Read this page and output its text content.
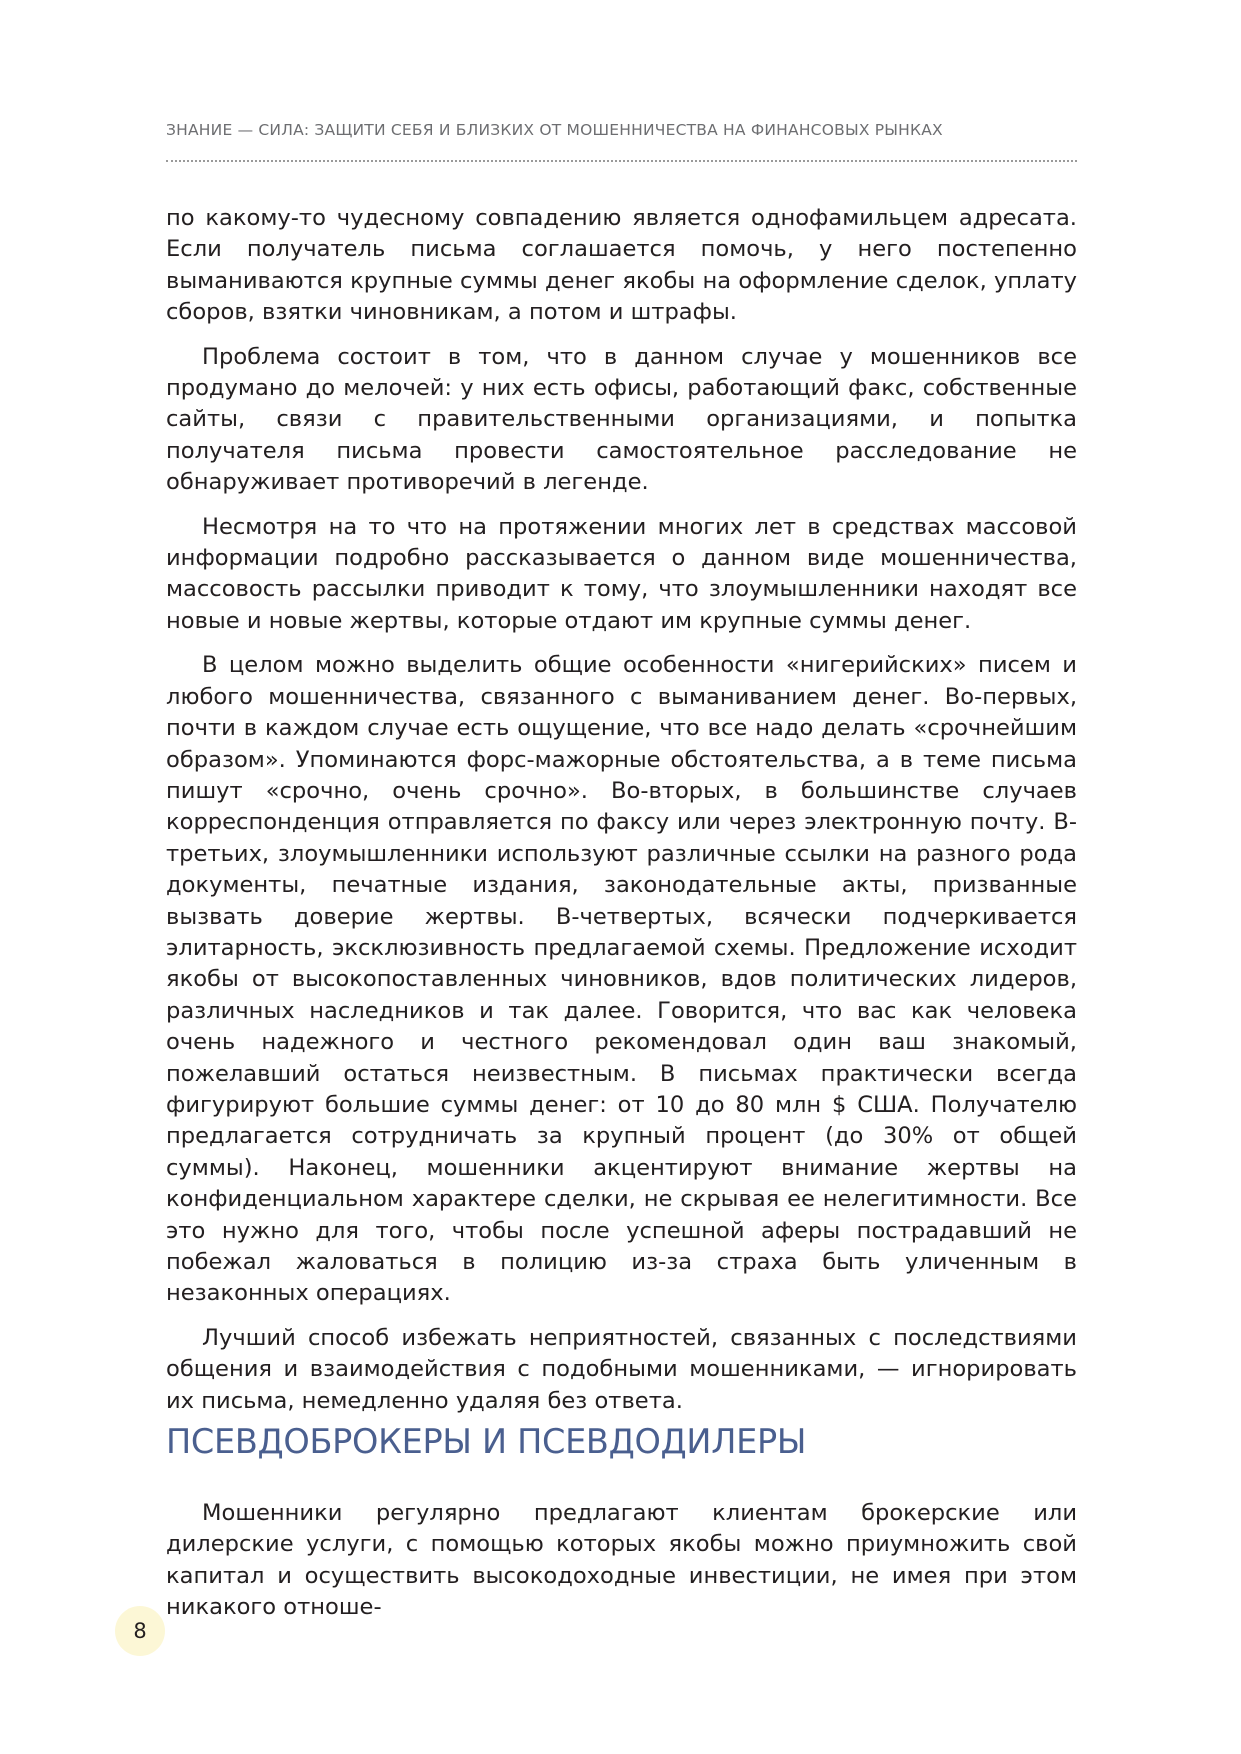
ЗНАНИЕ — СИЛА: ЗАЩИТИ СЕБЯ И БЛИЗКИХ ОТ МОШЕННИЧЕСТВА НА ФИНАНСОВЫХ РЫНКАХ

по какому-то чудесному совпадению является однофамильцем адресата. Если получатель письма соглашается помочь, у него постепенно выманиваются крупные суммы денег якобы на оформление сделок, уплату сборов, взятки чиновникам, а потом и штрафы.

Проблема состоит в том, что в данном случае у мошенников все продумано до мелочей: у них есть офисы, работающий факс, собственные сайты, связи с правительственными организациями, и попытка получателя письма провести самостоятельное расследование не обнаруживает противоречий в легенде.

Несмотря на то что на протяжении многих лет в средствах массовой информации подробно рассказывается о данном виде мошенничества, массовость рассылки приводит к тому, что злоумышленники находят все новые и новые жертвы, которые отдают им крупные суммы денег.

В целом можно выделить общие особенности «нигерийских» писем и любого мошенничества, связанного с выманиванием денег. Во-первых, почти в каждом случае есть ощущение, что все надо делать «срочнейшим образом». Упоминаются форс-мажорные обстоятельства, а в теме письма пишут «срочно, очень срочно». Во-вторых, в большинстве случаев корреспонденция отправляется по факсу или через электронную почту. В-третьих, злоумышленники используют различные ссылки на разного рода документы, печатные издания, законодательные акты, призванные вызвать доверие жертвы. В-четвертых, всячески подчеркивается элитарность, эксклюзивность предлагаемой схемы. Предложение исходит якобы от высокопоставленных чиновников, вдов политических лидеров, различных наследников и так далее. Говорится, что вас как человека очень надежного и честного рекомендовал один ваш знакомый, пожелавший остаться неизвестным. В письмах практически всегда фигурируют большие суммы денег: от 10 до 80 млн $ США. Получателю предлагается сотрудничать за крупный процент (до 30% от общей суммы). Наконец, мошенники акцентируют внимание жертвы на конфиденциальном характере сделки, не скрывая ее нелегитимности. Все это нужно для того, чтобы после успешной аферы пострадавший не побежал жаловаться в полицию из-за страха быть уличенным в незаконных операциях.

Лучший способ избежать неприятностей, связанных с последствиями общения и взаимодействия с подобными мошенниками, — игнорировать их письма, немедленно удаляя без ответа.

ПСЕВДОБРОКЕРЫ И ПСЕВДОДИЛЕРЫ

Мошенники регулярно предлагают клиентам брокерские или дилерские услуги, с помощью которых якобы можно приумножить свой капитал и осуществить высокодоходные инвестиции, не имея при этом никакого отноше-

8
